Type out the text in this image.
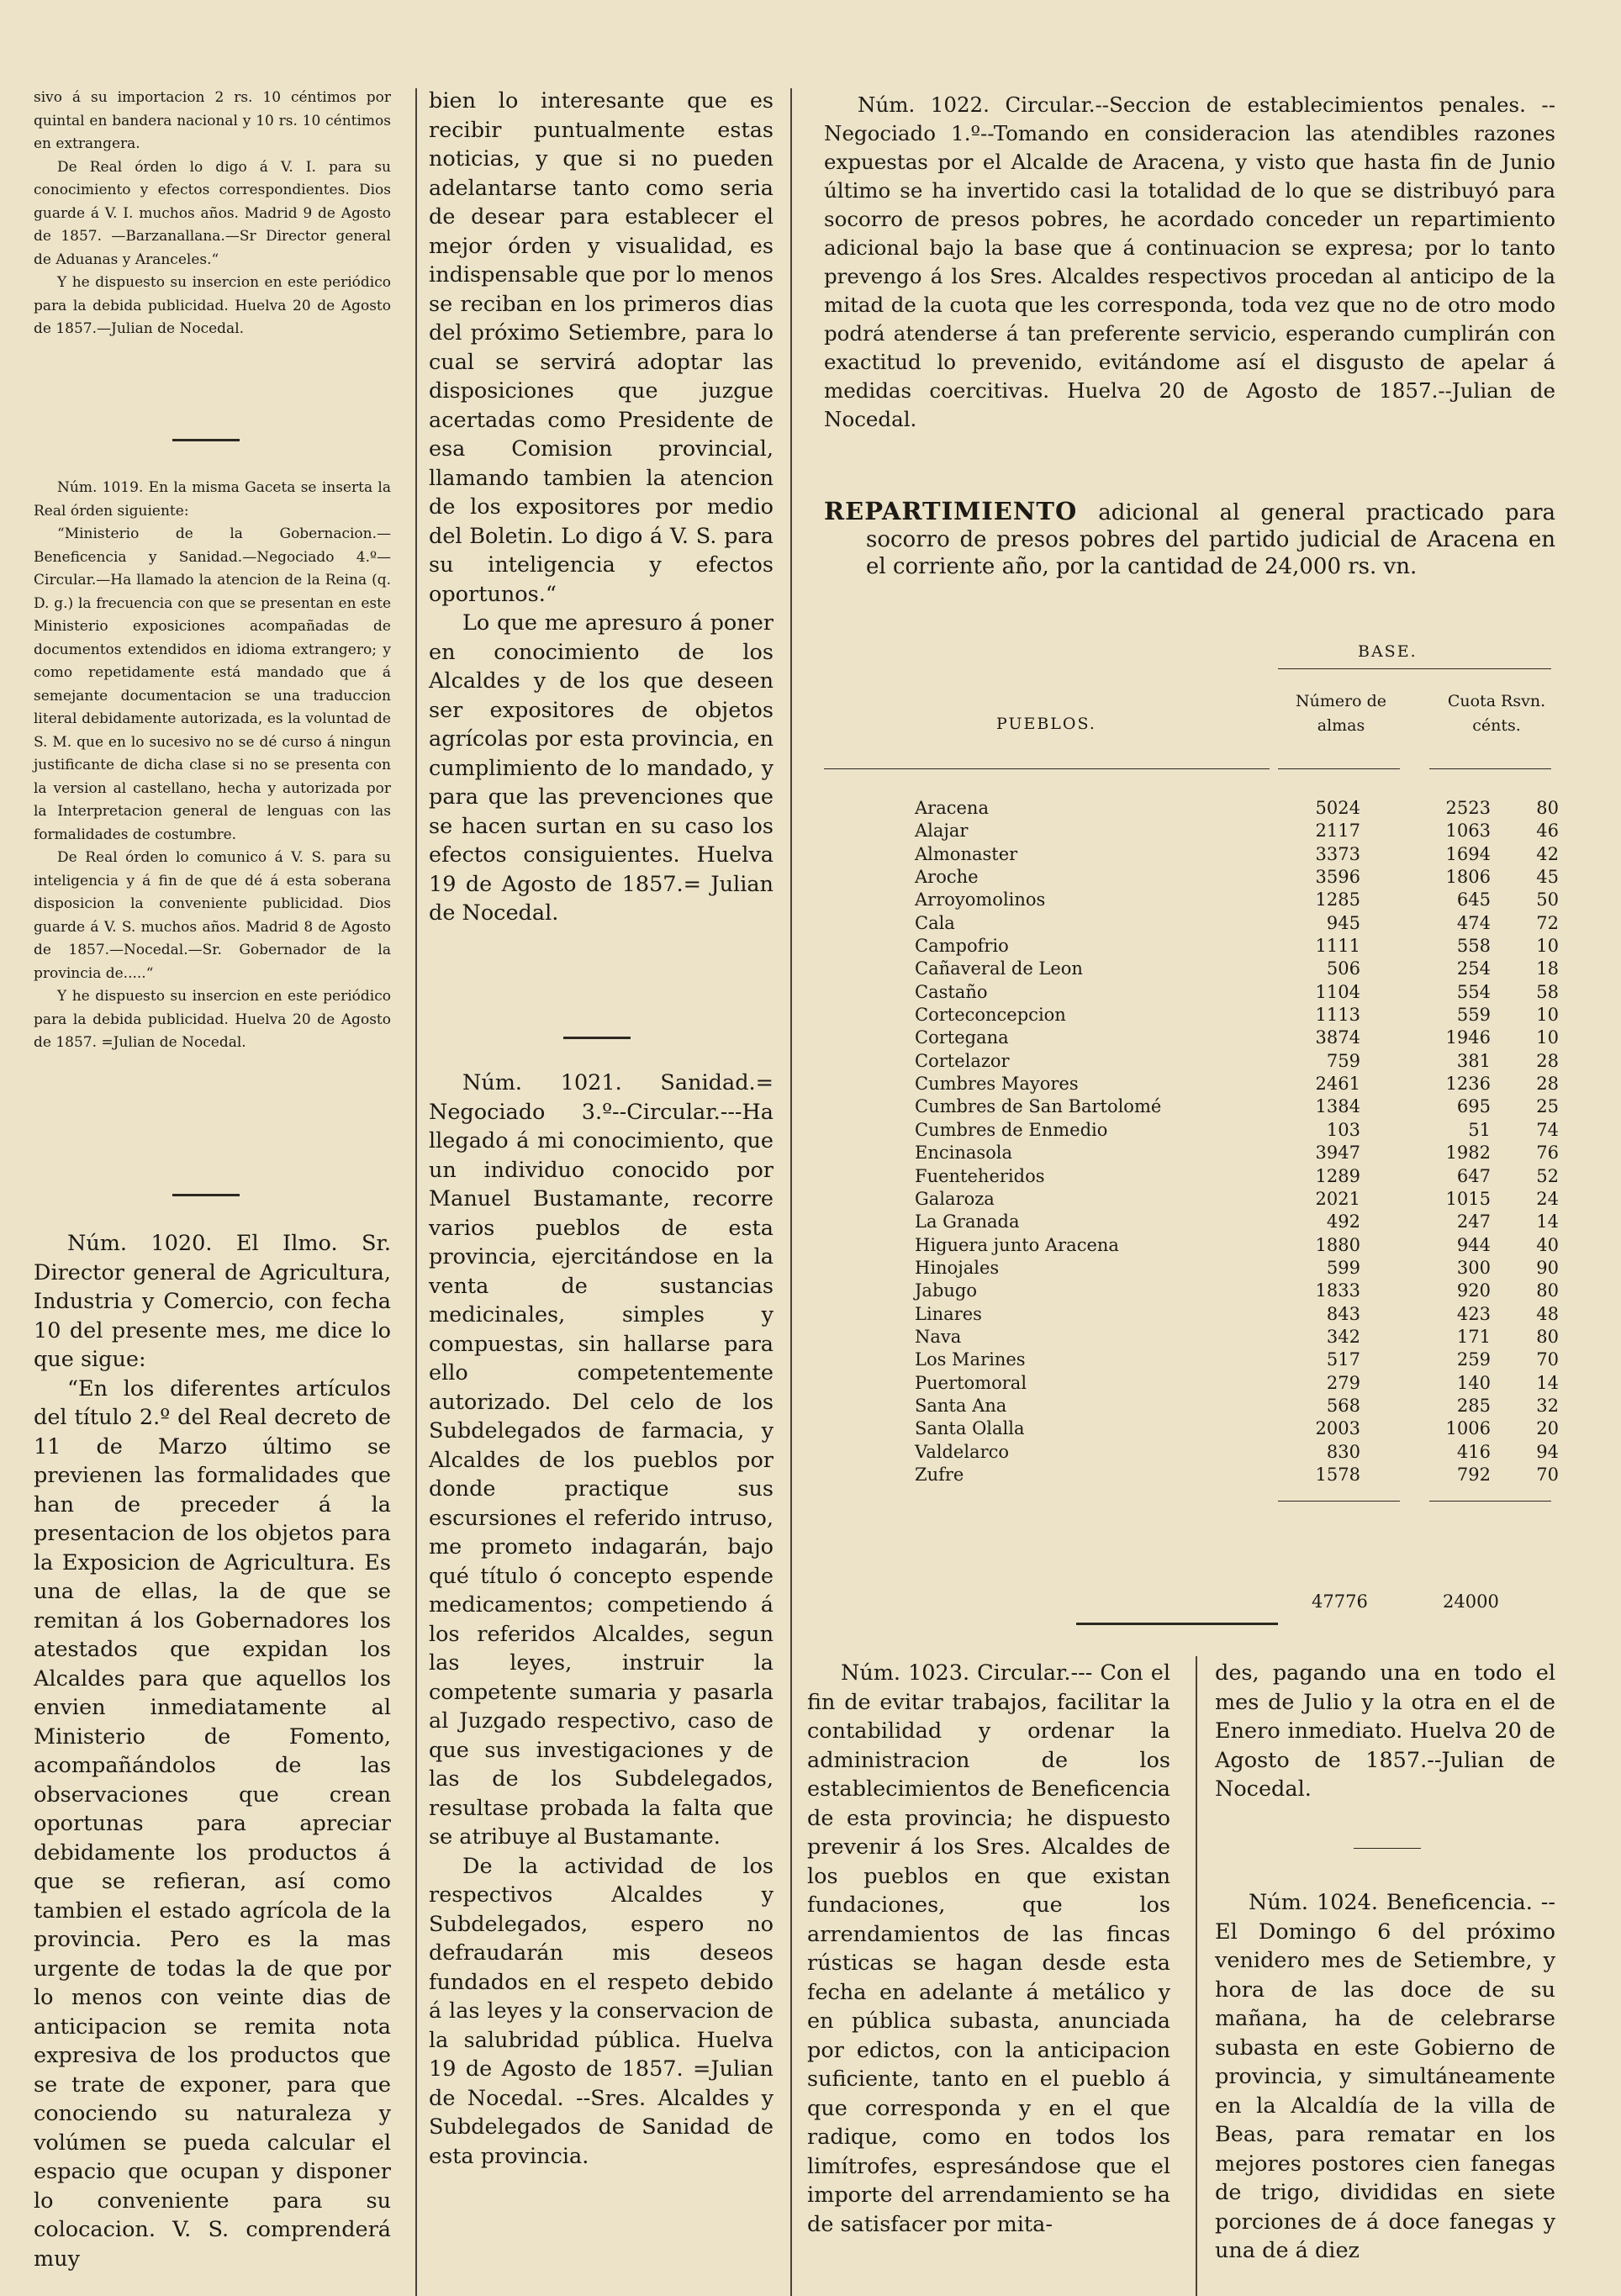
sivo á su importacion 2 rs. 10 céntimos por quintal en bandera nacional y 10 rs. 10 céntimos en extrangera.

De Real órden lo digo á V. I. para su conocimiento y efectos correspondientes. Dios guarde á V. I. muchos años. Madrid 9 de Agosto de 1857. —Barzanallana.—Sr Director general de Aduanas y Aranceles.“

Y he dispuesto su insercion en este periódico para la debida publicidad. Huelva 20 de Agosto de 1857.—Julian de Nocedal.

Núm. 1019. En la misma Gaceta se inserta la Real órden siguiente:

“Ministerio de la Gobernacion.— Beneficencia y Sanidad.—Negociado 4.º—Circular.—Ha llamado la atencion de la Reina (q. D. g.) la frecuencia con que se presentan en este Ministerio exposiciones acompañadas de documentos extendidos en idioma extrangero; y como repetidamente está mandado que á semejante documentacion se una traduccion literal debidamente autorizada, es la voluntad de S. M. que en lo sucesivo no se dé curso á ningun justificante de dicha clase si no se presenta con la version al castellano, hecha y autorizada por la Interpretacion general de lenguas con las formalidades de costumbre.

De Real órden lo comunico á V. S. para su inteligencia y á fin de que dé á esta soberana disposicion la conveniente publicidad. Dios guarde á V. S. muchos años. Madrid 8 de Agosto de 1857.—Nocedal.—Sr. Gobernador de la provincia de.....“

Y he dispuesto su insercion en este periódico para la debida publicidad. Huelva 20 de Agosto de 1857. =Julian de Nocedal.

Núm. 1020. El Ilmo. Sr. Director general de Agricultura, Industria y Comercio, con fecha 10 del presente mes, me dice lo que sigue:

“En los diferentes artículos del título 2.º del Real decreto de 11 de Marzo último se previenen las formalidades que han de preceder á la presentacion de los objetos para la Exposicion de Agricultura. Es una de ellas, la de que se remitan á los Gobernadores los atestados que expidan los Alcaldes para que aquellos los envien inmediatamente al Ministerio de Fomento, acompañándolos de las observaciones que crean oportunas para apreciar debidamente los productos á que se refieran, así como tambien el estado agrícola de la provincia. Pero es la mas urgente de todas la de que por lo menos con veinte dias de anticipacion se remita nota expresiva de los productos que se trate de exponer, para que conociendo su naturaleza y volúmen se pueda calcular el espacio que ocupan y disponer lo conveniente para su colocacion. V. S. comprenderá muy

bien lo interesante que es recibir puntualmente estas noticias, y que si no pueden adelantarse tanto como seria de desear para establecer el mejor órden y visualidad, es indispensable que por lo menos se reciban en los primeros dias del próximo Setiembre, para lo cual se servirá adoptar las disposiciones que juzgue acertadas como Presidente de esa Comision provincial, llamando tambien la atencion de los expositores por medio del Boletin. Lo digo á V. S. para su inteligencia y efectos oportunos.“

Lo que me apresuro á poner en conocimiento de los Alcaldes y de los que deseen ser expositores de objetos agrícolas por esta provincia, en cumplimiento de lo mandado, y para que las prevenciones que se hacen surtan en su caso los efectos consiguientes. Huelva 19 de Agosto de 1857.= Julian de Nocedal.

Núm. 1021. Sanidad.= Negociado 3.º--Circular.---Ha llegado á mi conocimiento, que un individuo conocido por Manuel Bustamante, recorre varios pueblos de esta provincia, ejercitándose en la venta de sustancias medicinales, simples y compuestas, sin hallarse para ello competentemente autorizado. Del celo de los Subdelegados de farmacia, y Alcaldes de los pueblos por donde practique sus escursiones el referido intruso, me prometo indagarán, bajo qué título ó concepto espende medicamentos; competiendo á los referidos Alcaldes, segun las leyes, instruir la competente sumaria y pasarla al Juzgado respectivo, caso de que sus investigaciones y de las de los Subdelegados, resultase probada la falta que se atribuye al Bustamante.

De la actividad de los respectivos Alcaldes y Subdelegados, espero no defraudarán mis deseos fundados en el respeto debido á las leyes y la conservacion de la salubridad pública. Huelva 19 de Agosto de 1857. =Julian de Nocedal. --Sres. Alcaldes y Subdelegados de Sanidad de esta provincia.

Núm. 1022. Circular.--Seccion de establecimientos penales. --Negociado 1.º--Tomando en consideracion las atendibles razones expuestas por el Alcalde de Aracena, y visto que hasta fin de Junio último se ha invertido casi la totalidad de lo que se distribuyó para socorro de presos pobres, he acordado conceder un repartimiento adicional bajo la base que á continuacion se expresa; por lo tanto prevengo á los Sres. Alcaldes respectivos procedan al anticipo de la mitad de la cuota que les corresponda, toda vez que no de otro modo podrá atenderse á tan preferente servicio, esperando cumplirán con exactitud lo prevenido, evitándome así el disgusto de apelar á medidas coercitivas. Huelva 20 de Agosto de 1857.--Julian de Nocedal.

REPARTIMIENTO adicional al general practicado para socorro de presos pobres del partido judicial de Aracena en el corriente año, por la cantidad de 24,000 rs. vn.

BASE.
PUEBLOS.
Número de almas
Cuota Rsvn. cénts.
Aracena	5024	2523	80
Alajar	2117	1063	46
Almonaster	3373	1694	42
Aroche	3596	1806	45
Arroyomolinos	1285	645	50
Cala	945	474	72
Campofrio	1111	558	10
Cañaveral de Leon	506	254	18
Castaño	1104	554	58
Corteconcepcion	1113	559	10
Cortegana	3874	1946	10
Cortelazor	759	381	28
Cumbres Mayores	2461	1236	28
Cumbres de San Bartolomé	1384	695	25
Cumbres de Enmedio	103	51	74
Encinasola	3947	1982	76
Fuenteheridos	1289	647	52
Galaroza	2021	1015	24
La Granada	492	247	14
Higuera junto Aracena	1880	944	40
Hinojales	599	300	90
Jabugo	1833	920	80
Linares	843	423	48
Nava	342	171	80
Los Marines	517	259	70
Puertomoral	279	140	14
Santa Ana	568	285	32
Santa Olalla	2003	1006	20
Valdelarco	830	416	94
Zufre	1578	792	70
47776	24000

Núm. 1023. Circular.--- Con el fin de evitar trabajos, facilitar la contabilidad y ordenar la administracion de los establecimientos de Beneficencia de esta provincia; he dispuesto prevenir á los Sres. Alcaldes de los pueblos en que existan fundaciones, que los arrendamientos de las fincas rústicas se hagan desde esta fecha en adelante á metálico y en pública subasta, anunciada por edictos, con la anticipacion suficiente, tanto en el pueblo á que corresponda y en el que radique, como en todos los limítrofes, espresándose que el importe del arrendamiento se ha de satisfacer por mita-

des, pagando una en todo el mes de Julio y la otra en el de Enero inmediato. Huelva 20 de Agosto de 1857.--Julian de Nocedal.

Núm. 1024. Beneficencia. --El Domingo 6 del próximo venidero mes de Setiembre, y hora de las doce de su mañana, ha de celebrarse subasta en este Gobierno de provincia, y simultáneamente en la Alcaldía de la villa de Beas, para rematar en los mejores postores cien fanegas de trigo, divididas en siete porciones de á doce fanegas y una de á diez
